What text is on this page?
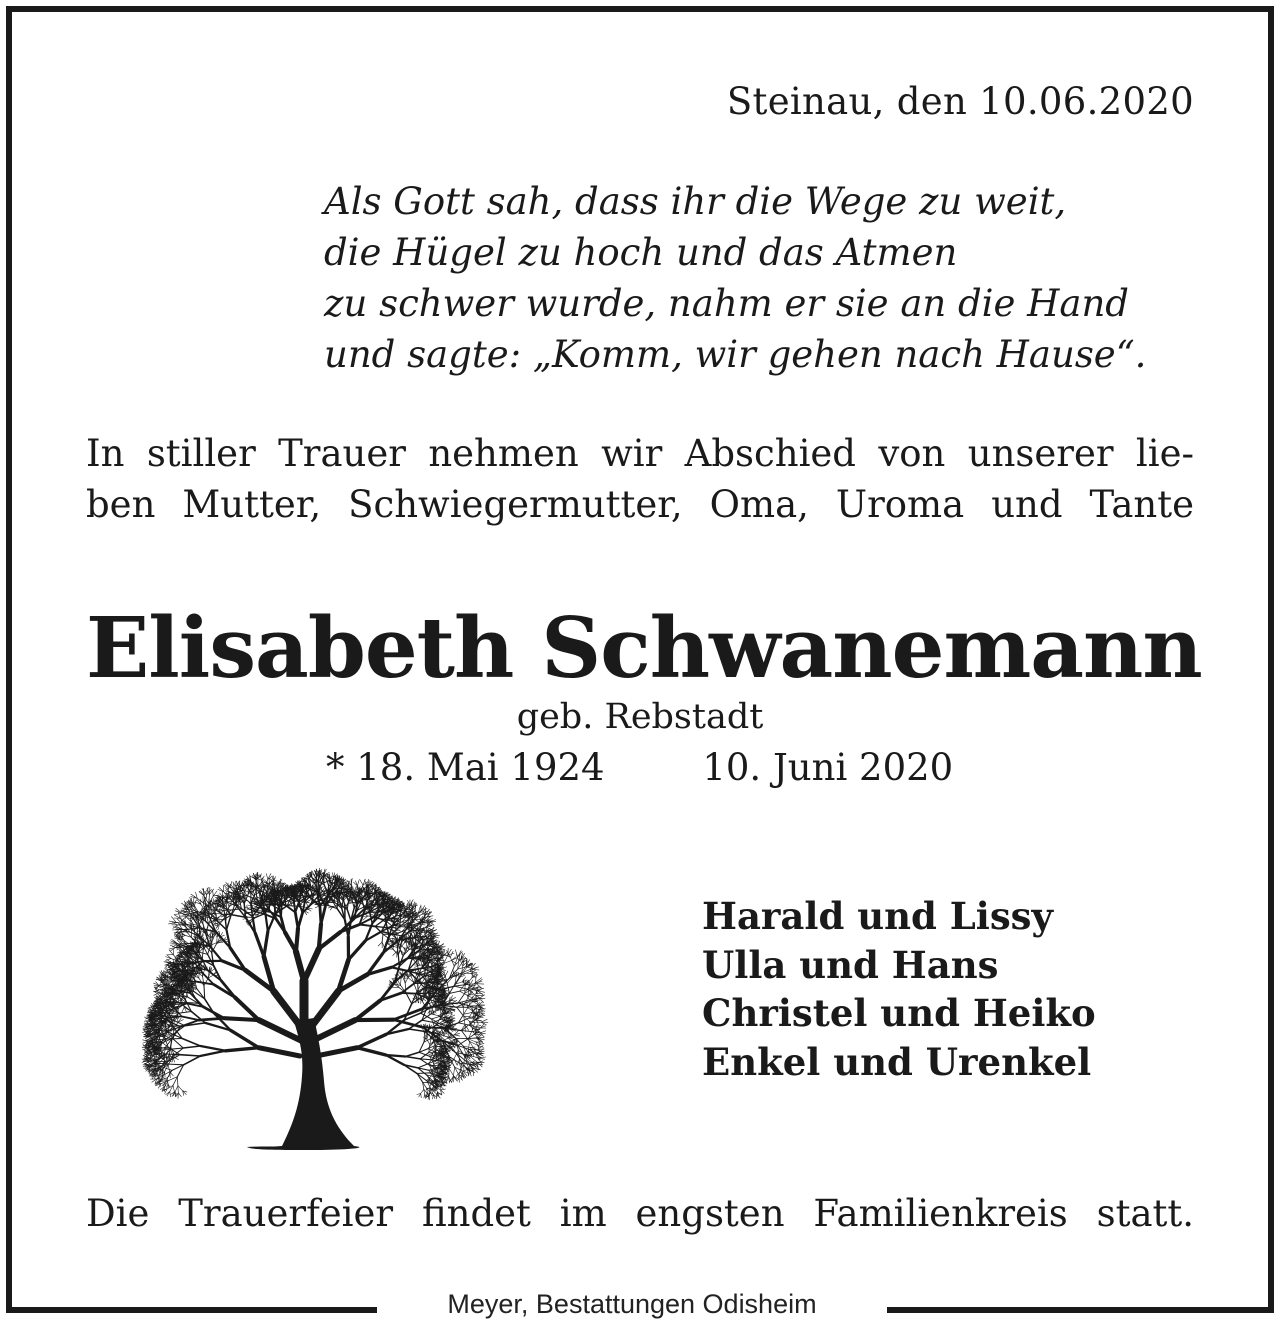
Steinau, den 10.06.2020
Als Gott sah, dass ihr die Wege zu weit,
die Hügel zu hoch und das Atmen
zu schwer wurde, nahm er sie an die Hand
und sagte: „Komm, wir gehen nach Hause“.
In stiller Trauer nehmen wir Abschied von unserer lie-
ben Mutter, Schwiegermutter, Oma, Uroma und Tante
Elisabeth Schwanemann
geb. Rebstadt
* 18. Mai 1924	10. Juni 2020
Harald und Lissy
Ulla und Hans
Christel und Heiko
Enkel und Urenkel
Die Trauerfeier findet im engsten Familienkreis statt.
Meyer, Bestattungen Odisheim
